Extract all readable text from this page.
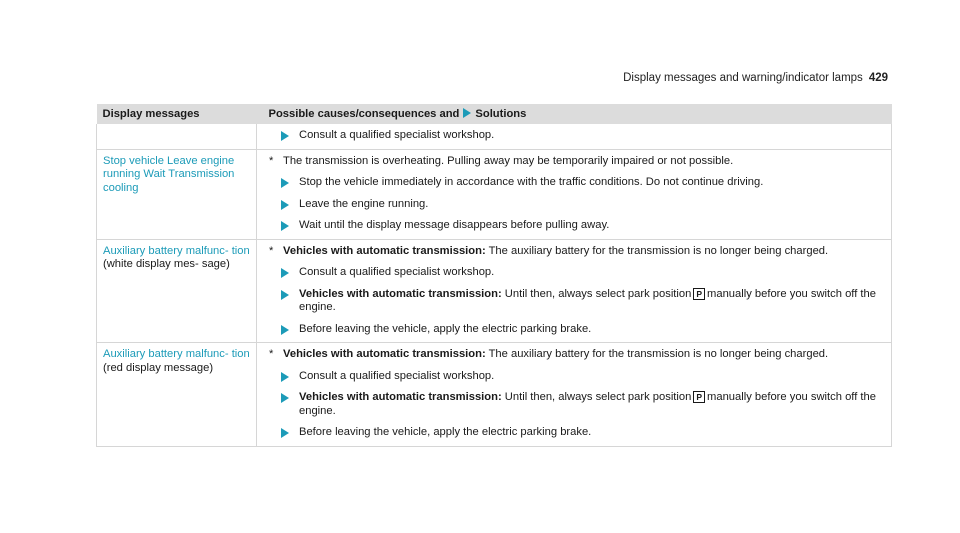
Display messages and warning/indicator lamps 429
Display messages	Possible causes/consequences and Solutions

Consult a qualified specialist workshop.

Stop vehicle Leave engine running Wait Transmission cooling	* The transmission is overheating. Pulling away may be temporarily impaired or not possible.
Stop the vehicle immediately in accordance with the traffic conditions. Do not continue driving.
Leave the engine running.
Wait until the display message disappears before pulling away.

Auxiliary battery malfunc- tion (white display mes- sage)	* Vehicles with automatic transmission: The auxiliary battery for the transmission is no longer being charged.
Consult a qualified specialist workshop.
Vehicles with automatic transmission: Until then, always select park position P manually before you switch off the engine.
Before leaving the vehicle, apply the electric parking brake.

Auxiliary battery malfunc- tion (red display message)	* Vehicles with automatic transmission: The auxiliary battery for the transmission is no longer being charged.
Consult a qualified specialist workshop.
Vehicles with automatic transmission: Until then, always select park position P manually before you switch off the engine.
Before leaving the vehicle, apply the electric parking brake.
